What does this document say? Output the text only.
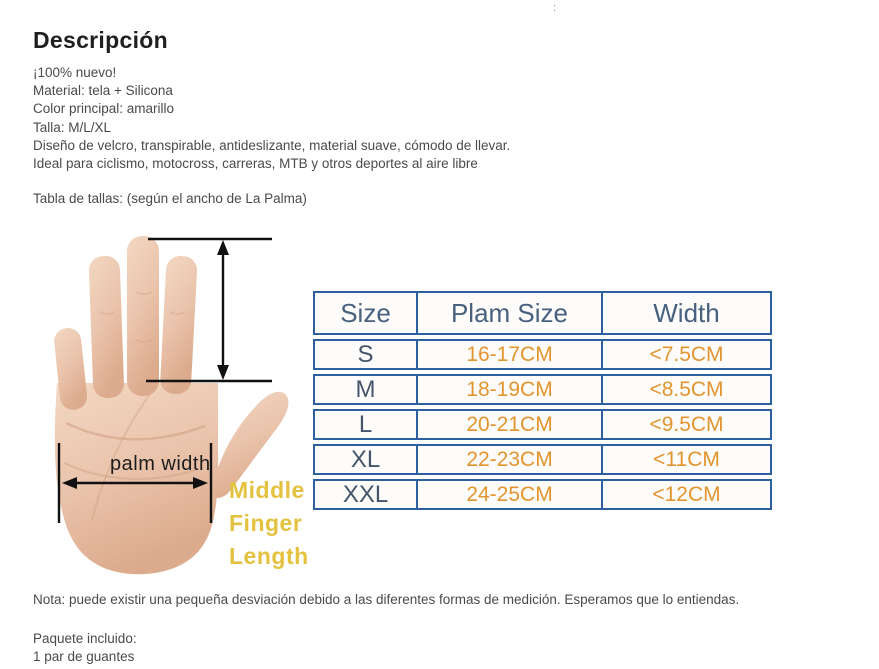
:
Descripción
¡100% nuevo!
Material: tela + Silicona
Color principal: amarillo
Talla: M/L/XL
Diseño de velcro, transpirable, antideslizante, material suave, cómodo de llevar.
Ideal para ciclismo, motocross, carreras, MTB y otros deportes al aire libre
Tabla de tallas: (según el ancho de La Palma)
Middle
Finger
Length
palm width
Size	Plam Size	Width
S	16-17CM	<7.5CM
M	18-19CM	<8.5CM
L	20-21CM	<9.5CM
XL	22-23CM	<11CM
XXL	24-25CM	<12CM
Nota: puede existir una pequeña desviación debido a las diferentes formas de medición. Esperamos que lo entiendas.
Paquete incluido:
1 par de guantes
